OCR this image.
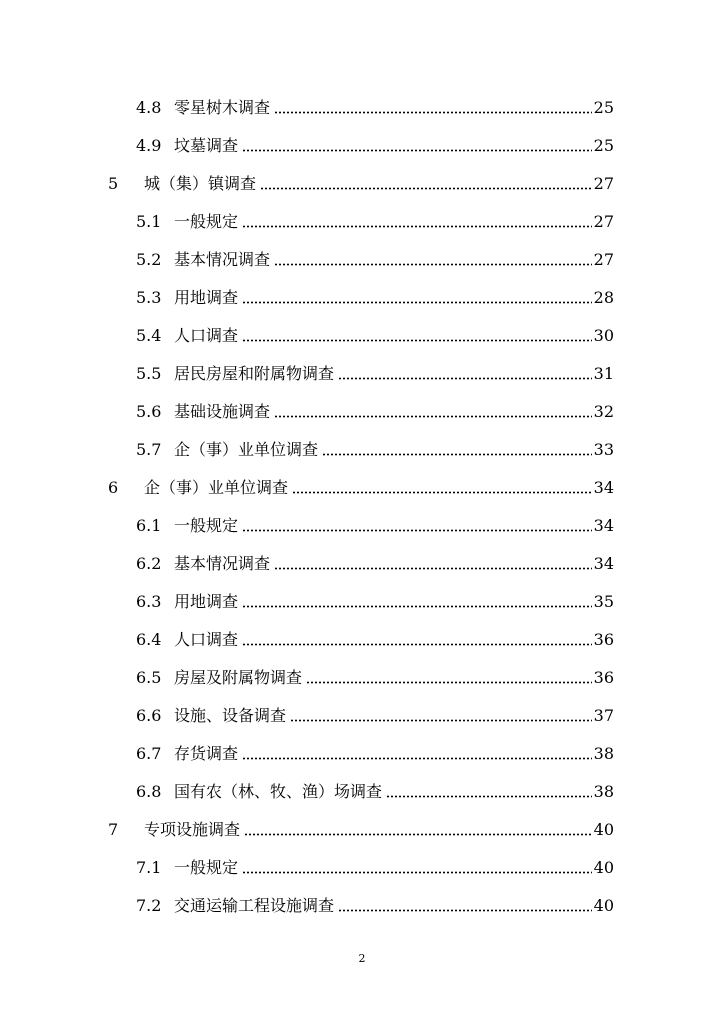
4.8 零星树木调查	25
4.9 坟墓调查	25
5	城（集）镇调查	27
5.1 一般规定	27
5.2 基本情况调查	27
5.3 用地调查	28
5.4 人口调查	30
5.5 居民房屋和附属物调查	31
5.6 基础设施调查	32
5.7 企（事）业单位调查	33
6	企（事）业单位调查	34
6.1 一般规定	34
6.2 基本情况调查	34
6.3 用地调查	35
6.4 人口调查	36
6.5 房屋及附属物调查	36
6.6 设施、设备调查	37
6.7 存货调查	38
6.8 国有农（林、牧、渔）场调查	38
7	专项设施调查	40
7.1 一般规定	40
7.2 交通运输工程设施调查	40
2
